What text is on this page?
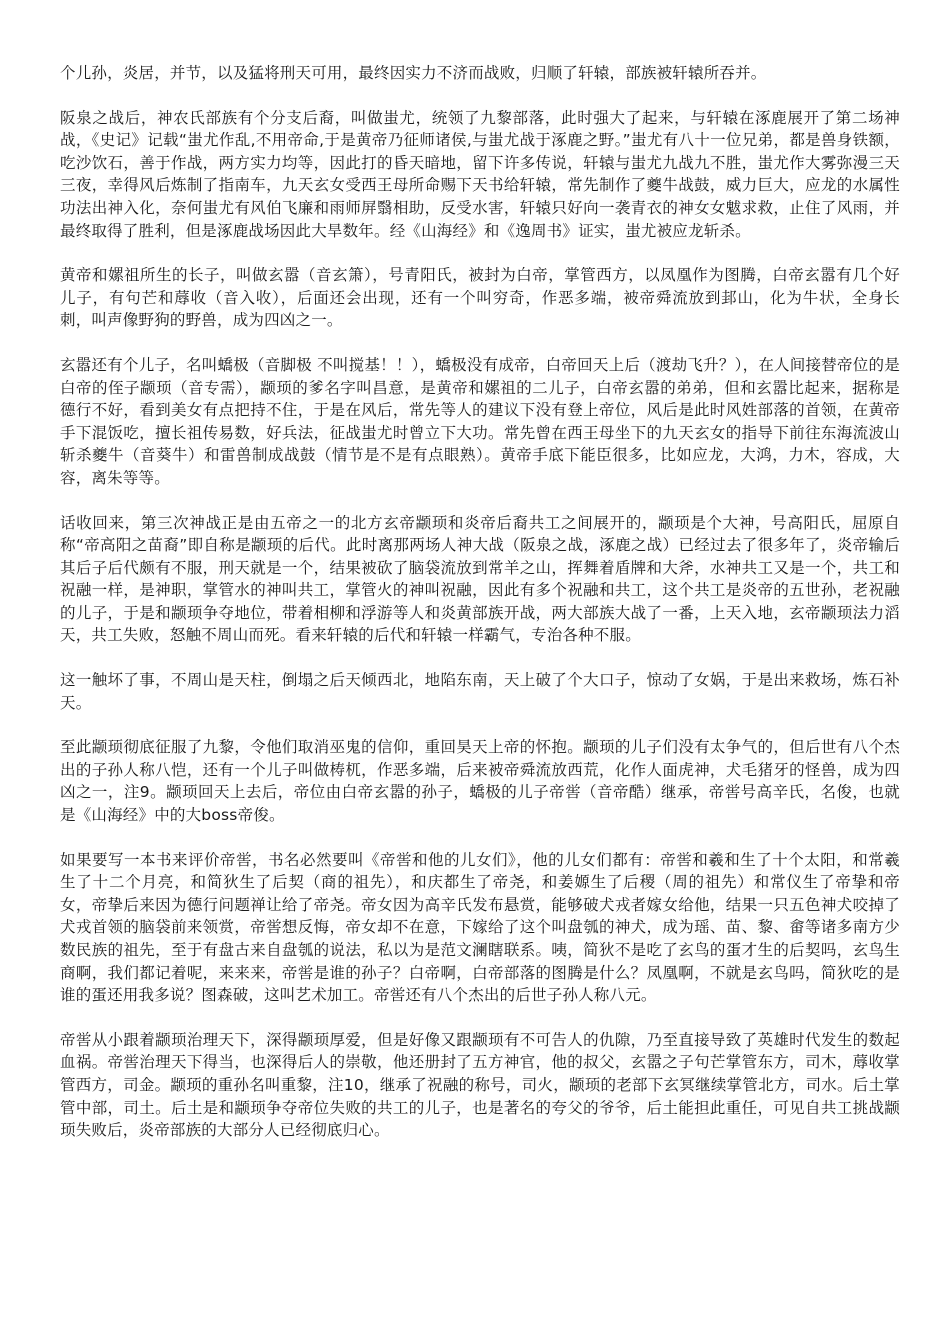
个儿孙，炎居，并节，以及猛将刑天可用，最终因实力不济而战败，归顺了轩辕，部族被轩辕所吞并。

阪泉之战后，神农氏部族有个分支后裔，叫做蚩尤，统领了九黎部落，此时强大了起来，与轩辕在涿鹿展开了第二场神战，《史记》记载“蚩尤作乱,不用帝命,于是黄帝乃征师诸侯,与蚩尤战于涿鹿之野。”蚩尤有八十一位兄弟，都是兽身铁额，吃沙饮石，善于作战，两方实力均等，因此打的昏天暗地，留下许多传说，轩辕与蚩尤九战九不胜，蚩尤作大雾弥漫三天三夜，幸得风后炼制了指南车，九天玄女受西王母所命赐下天书给轩辕，常先制作了夔牛战鼓，威力巨大，应龙的水属性功法出神入化，奈何蚩尤有风伯飞廉和雨师屏翳相助，反受水害，轩辕只好向一袭青衣的神女女魃求救，止住了风雨，并最终取得了胜利，但是涿鹿战场因此大旱数年。经《山海经》和《逸周书》证实，蚩尤被应龙斩杀。

黄帝和嫘祖所生的长子，叫做玄嚣（音玄箫），号青阳氏，被封为白帝，掌管西方，以凤凰作为图腾，白帝玄嚣有几个好儿子，有句芒和蓐收（音入收），后面还会出现，还有一个叫穷奇，作恶多端，被帝舜流放到邽山，化为牛状，全身长刺，叫声像野狗的野兽，成为四凶之一。

玄嚣还有个儿子，名叫蟜极（音脚极 不叫搅基！！），蟜极没有成帝，白帝回天上后（渡劫飞升？），在人间接替帝位的是白帝的侄子颛顼（音专需），颛顼的爹名字叫昌意，是黄帝和嫘祖的二儿子，白帝玄嚣的弟弟，但和玄嚣比起来，据称是德行不好，看到美女有点把持不住，于是在风后，常先等人的建议下没有登上帝位，风后是此时风姓部落的首领，在黄帝手下混饭吃，擅长祖传易数，好兵法，征战蚩尤时曾立下大功。常先曾在西王母坐下的九天玄女的指导下前往东海流波山斩杀夔牛（音葵牛）和雷兽制成战鼓（情节是不是有点眼熟）。黄帝手底下能臣很多，比如应龙，大鸿，力木，容成，大容，离朱等等。

话收回来，第三次神战正是由五帝之一的北方玄帝颛顼和炎帝后裔共工之间展开的，颛顼是个大神，号高阳氏，屈原自称“帝高阳之苗裔”即自称是颛顼的后代。此时离那两场人神大战（阪泉之战，涿鹿之战）已经过去了很多年了，炎帝输后其后子后代颇有不服，刑天就是一个，结果被砍了脑袋流放到常羊之山，挥舞着盾牌和大斧，水神共工又是一个，共工和祝融一样，是神职，掌管水的神叫共工，掌管火的神叫祝融，因此有多个祝融和共工，这个共工是炎帝的五世孙，老祝融的儿子，于是和颛顼争夺地位，带着相柳和浮游等人和炎黄部族开战，两大部族大战了一番，上天入地，玄帝颛顼法力滔天，共工失败，怒触不周山而死。看来轩辕的后代和轩辕一样霸气，专治各种不服。

这一触坏了事，不周山是天柱，倒塌之后天倾西北，地陷东南，天上破了个大口子，惊动了女娲，于是出来救场，炼石补天。

至此颛顼彻底征服了九黎，令他们取消巫鬼的信仰，重回昊天上帝的怀抱。颛顼的儿子们没有太争气的，但后世有八个杰出的子孙人称八恺，还有一个儿子叫做梼杌，作恶多端，后来被帝舜流放西荒，化作人面虎神，犬毛猪牙的怪兽，成为四凶之一，注9。颛顼回天上去后，帝位由白帝玄嚣的孙子，蟜极的儿子帝喾（音帝酷）继承，帝喾号高辛氏，名俊，也就是《山海经》中的大boss帝俊。

如果要写一本书来评价帝喾，书名必然要叫《帝喾和他的儿女们》，他的儿女们都有：帝喾和羲和生了十个太阳，和常羲生了十二个月亮，和简狄生了后契（商的祖先），和庆都生了帝尧，和姜嫄生了后稷（周的祖先）和常仪生了帝挚和帝女，帝挚后来因为德行问题禅让给了帝尧。帝女因为高辛氏发布悬赏，能够破犬戎者嫁女给他，结果一只五色神犬咬掉了犬戎首领的脑袋前来领赏，帝喾想反悔，帝女却不在意，下嫁给了这个叫盘瓠的神犬，成为瑶、苗、黎、畲等诸多南方少数民族的祖先，至于有盘古来自盘瓠的说法，私以为是范文澜瞎联系。咦，简狄不是吃了玄鸟的蛋才生的后契吗，玄鸟生商啊，我们都记着呢，来来来，帝喾是谁的孙子？白帝啊，白帝部落的图腾是什么？凤凰啊，不就是玄鸟吗，简狄吃的是谁的蛋还用我多说？图森破，这叫艺术加工。帝喾还有八个杰出的后世子孙人称八元。

帝喾从小跟着颛顼治理天下，深得颛顼厚爱，但是好像又跟颛顼有不可告人的仇隙，乃至直接导致了英雄时代发生的数起血祸。帝喾治理天下得当，也深得后人的崇敬，他还册封了五方神官，他的叔父，玄嚣之子句芒掌管东方，司木，蓐收掌管西方，司金。颛顼的重孙名叫重黎，注10，继承了祝融的称号，司火，颛顼的老部下玄冥继续掌管北方，司水。后土掌管中部，司土。后土是和颛顼争夺帝位失败的共工的儿子，也是著名的夸父的爷爷，后土能担此重任，可见自共工挑战颛顼失败后，炎帝部族的大部分人已经彻底归心。
